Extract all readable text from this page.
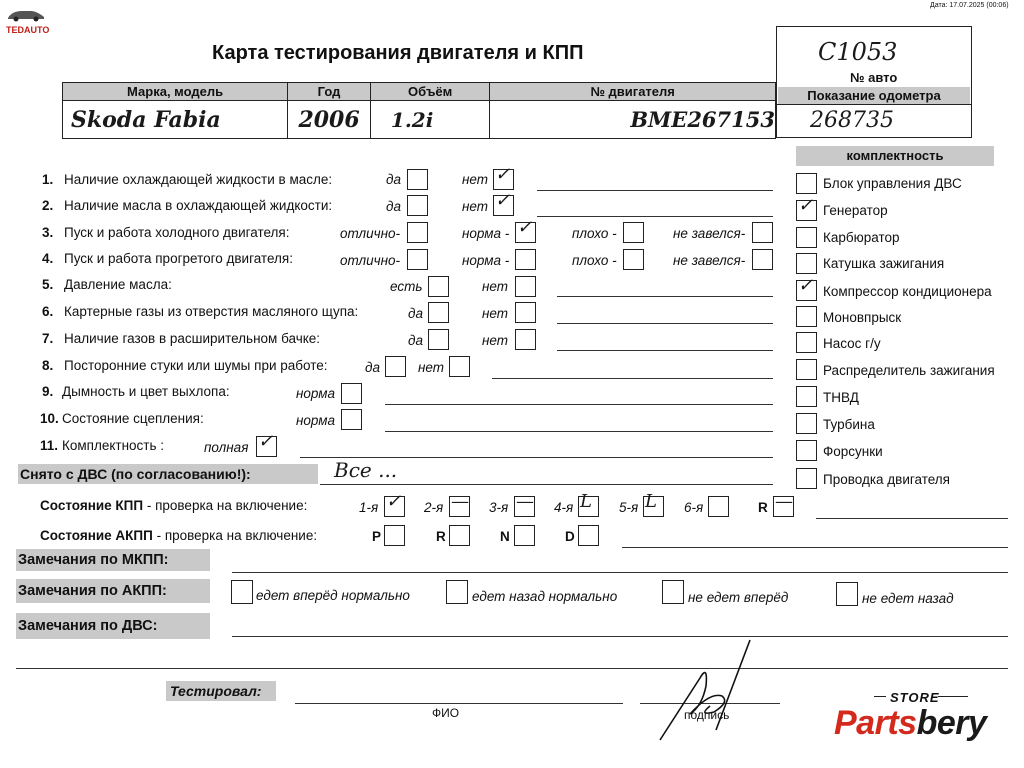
Дата: 17.07.2025 (00:06)
TEDAUTO
Карта тестирования двигателя и КПП	С1053
№ авто
Показание одометра
268735
Марка, модель	Год	Объём	№ двигателя
Skoda Fabia	2006	1.2i	BME267153
комплектность
Блок управления ДВС
✓ Генератор
Карбюратор
Катушка зажигания
✓ Компрессор кондиционера
Моновпрыск
Насос г/у
Распределитель зажигания
ТНВД
Турбина
Форсунки
Проводка двигателя
1. Наличие охлаждающей жидкости в масле:	да	нет ✓
2. Наличие масла в охлаждающей жидкости:	да	нет ✓
3. Пуск и работа холодного двигателя:	отлично-	норма - ✓	плохо -	не завелся-
4. Пуск и работа прогретого двигателя:	отлично-	норма -	плохо -	не завелся-
5. Давление масла:	есть	нет
6. Картерные газы из отверстия масляного щупа:	да	нет
7. Наличие газов в расширительном бачке:	да	нет
8. Посторонние стуки или шумы при работе:	да	нет
9. Дымность и цвет выхлопа:	норма
10. Состояние сцепления:	норма
11. Комплектность :	полная ✓
Снято с ДВС (по согласованию!):	Все ...
Состояние КПП - проверка на включение:	1-я ✓ 2-я — 3-я — 4-я L 5-я L 6-я	R —
Состояние АКПП - проверка на включение:	P	R	N	D
Замечания по МКПП:
Замечания по АКПП:	едет вперёд нормально	едет назад нормально	не едет вперёд	не едет назад
Замечания по ДВС:
Тестировал:
ФИО	подпись
STORE
Partsbery
